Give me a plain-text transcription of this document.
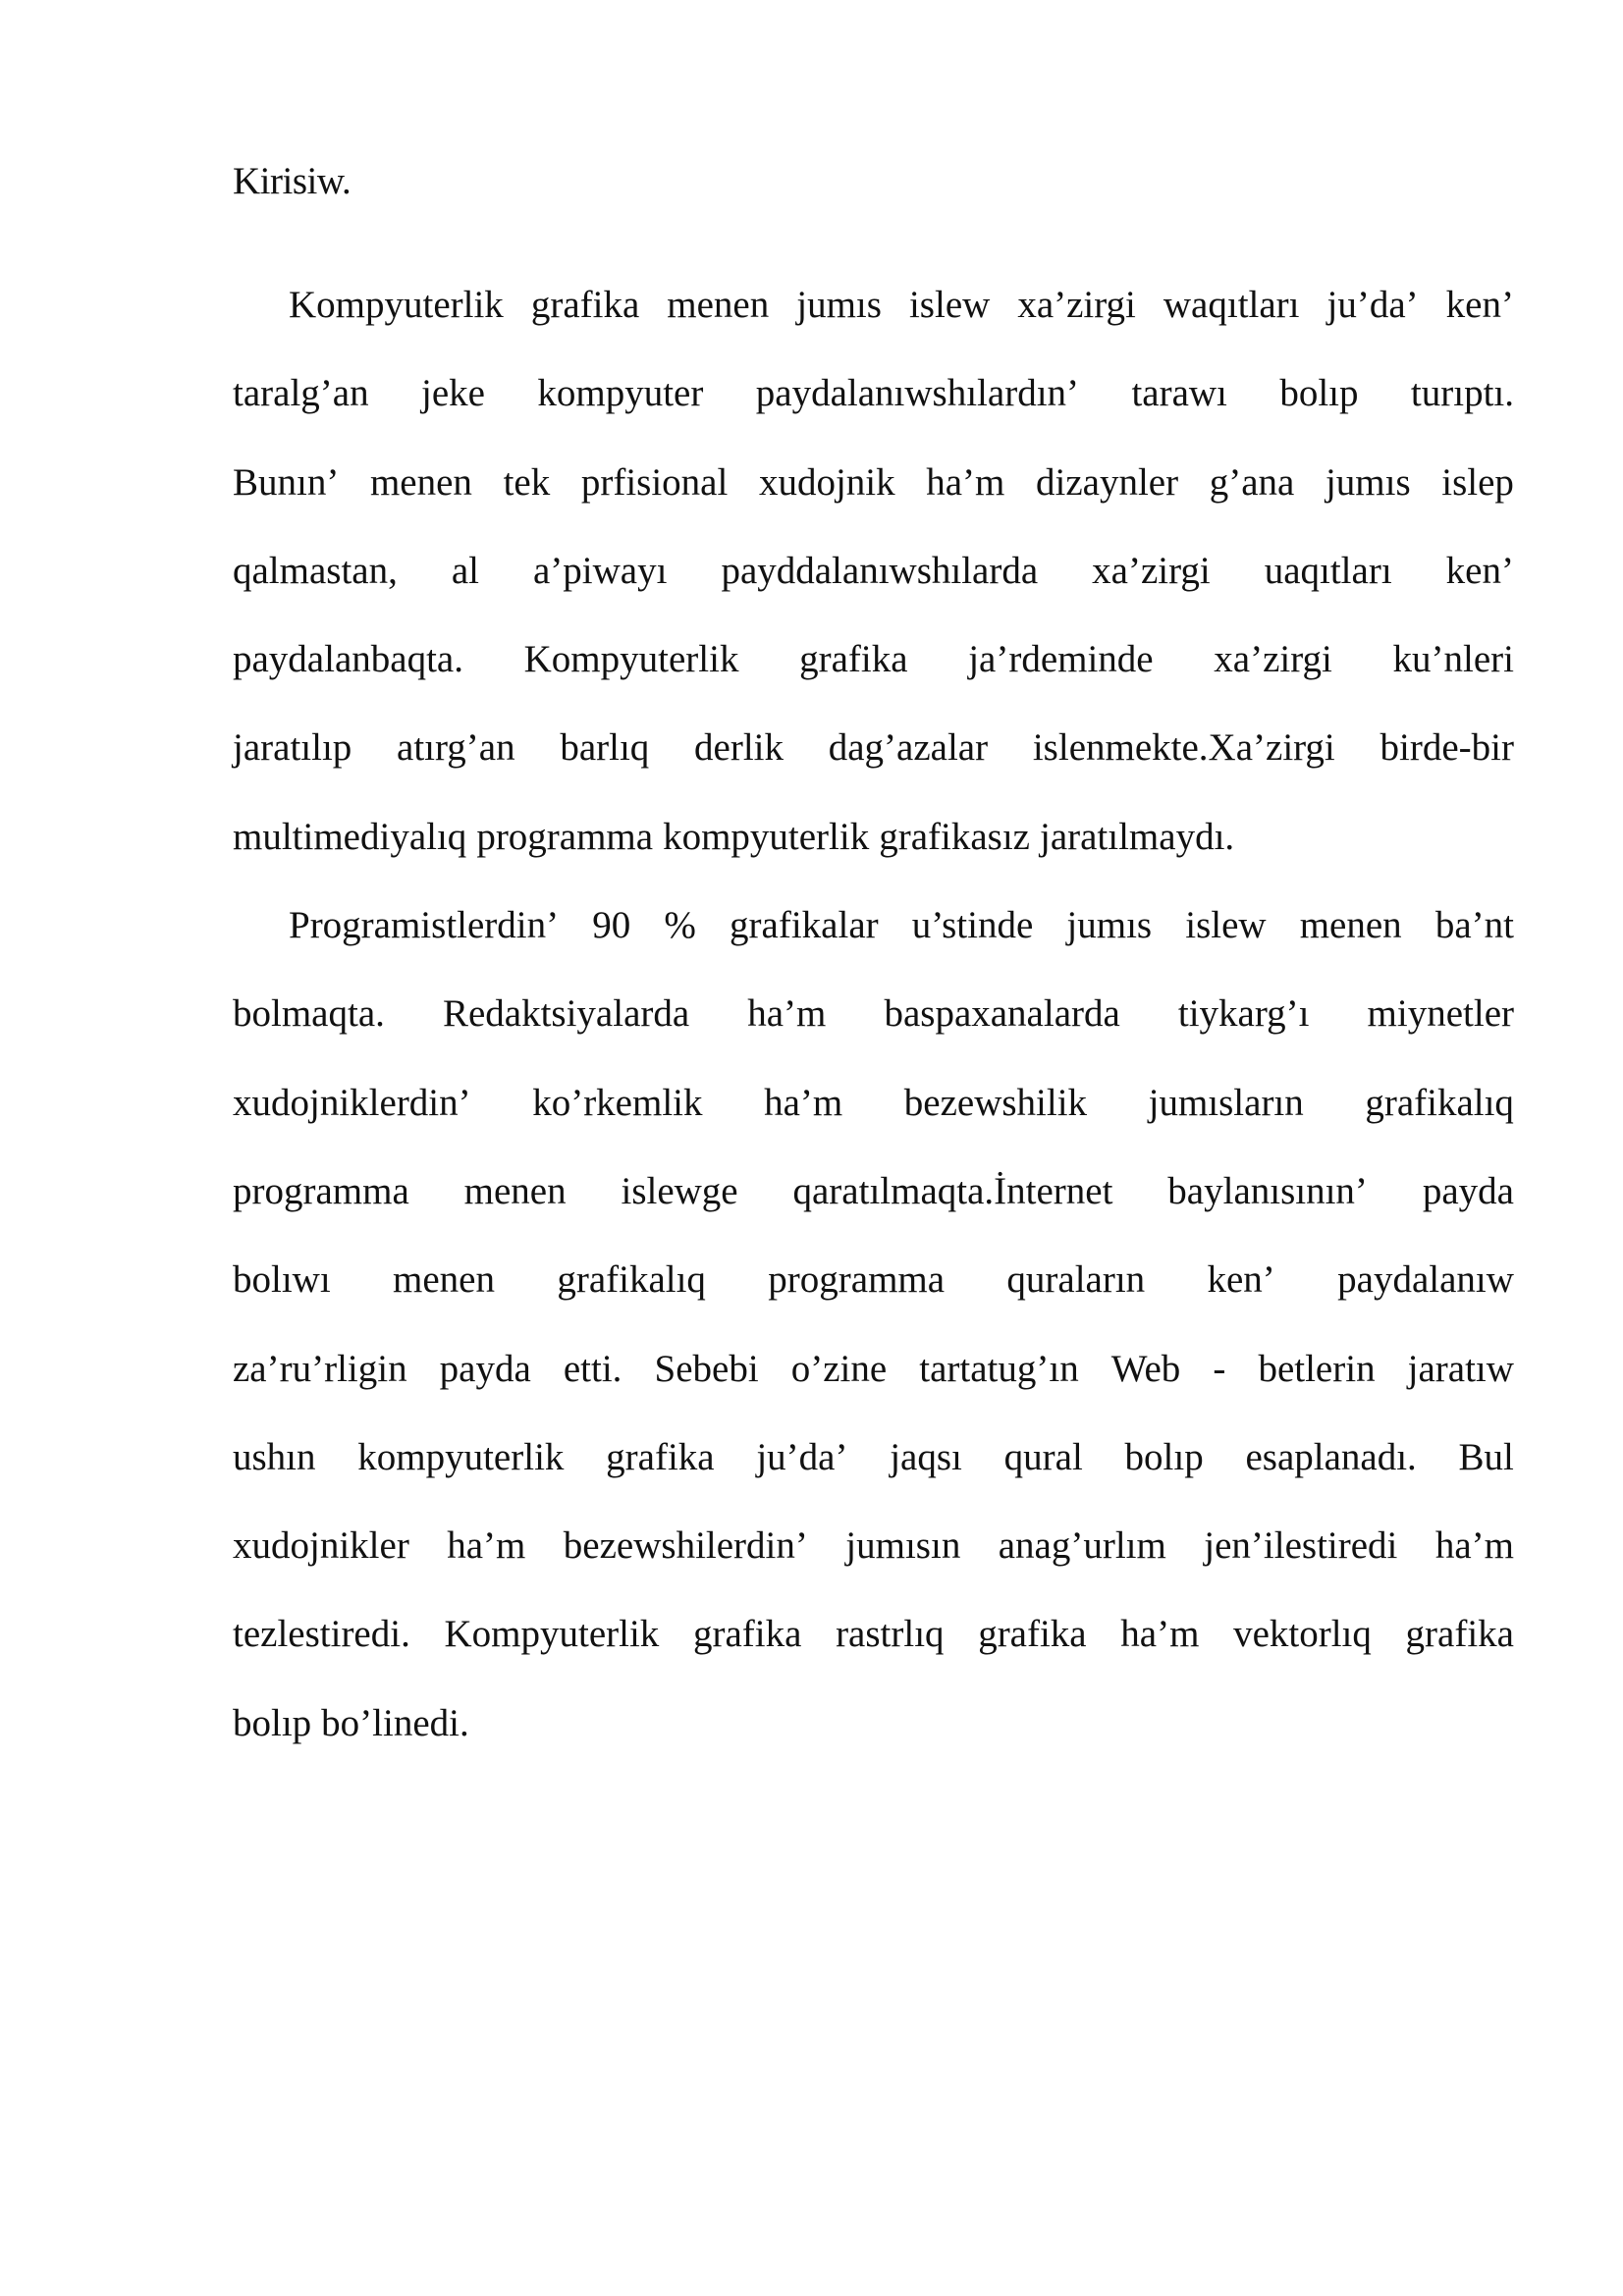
Kirisiw.
Kompyuterlik grafika menen jumıs islew xa’zirgi waqıtları ju’da’ ken’
taralg’an jeke kompyuter paydalanıwshılardın’ tarawı bolıp turıptı.
Bunın’ menen tek prfisional xudojnik ha’m dizaynler g’ana jumıs islep
qalmastan, al a’piwayı payddalanıwshılarda xa’zirgi uaqıtları ken’
paydalanbaqta. Kompyuterlik grafika ja’rdeminde xa’zirgi ku’nleri
jaratılıp atırg’an barlıq derlik dag’azalar islenmekte.Xa’zirgi birde-bir
multimediyalıq programma kompyuterlik grafikasız jaratılmaydı.
Programistlerdin’ 90 % grafikalar u’stinde jumıs islew menen ba’nt
bolmaqta. Redaktsiyalarda ha’m baspaxanalarda tiykarg’ı miynetler
xudojniklerdin’ ko’rkemlik ha’m bezewshilik jumısların grafikalıq
programma menen islewge qaratılmaqta.İnternet baylanısının’ payda
bolıwı menen grafikalıq programma quraların ken’ paydalanıw
za’ru’rligin payda etti. Sebebi o’zine tartatug’ın Web - betlerin jaratıw
ushın kompyuterlik grafika ju’da’ jaqsı qural bolıp esaplanadı. Bul
xudojnikler ha’m bezewshilerdin’ jumısın anag’urlım jen’ilestiredi ha’m
tezlestiredi. Kompyuterlik grafika rastrlıq grafika ha’m vektorlıq grafika
bolıp bo’linedi.
